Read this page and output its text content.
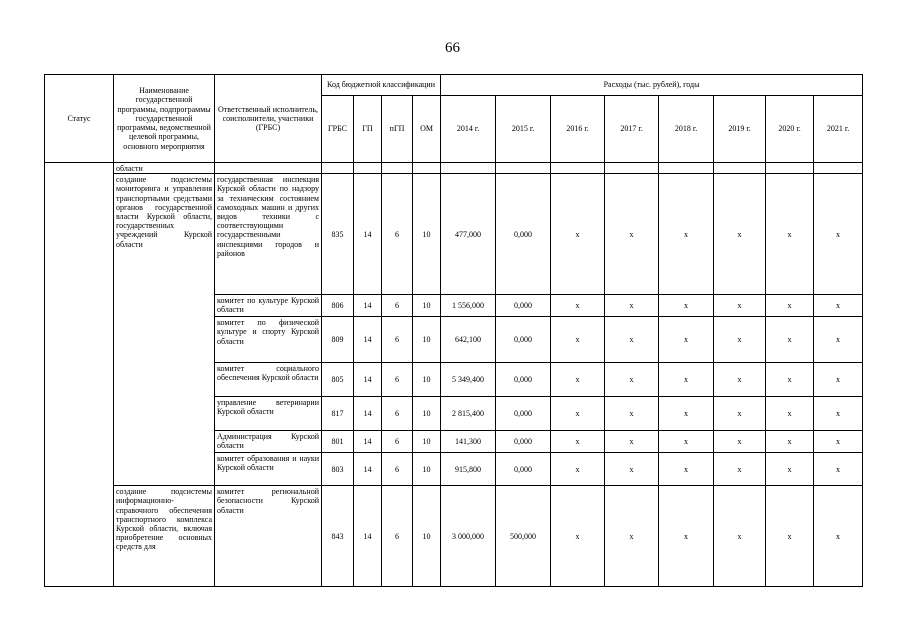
66
Статус	Наименование государственной программы, подпрограммы государственной программы, ведомственной целевой программы, основного мероприятия	Ответственный исполнитель, соисполнители, участники (ГРБС)	Код бюджетной классификации				Расходы (тыс. рублей), годы							
			ГРБС	ГП	пГП	ОМ	2014 г.	2015 г.	2016 г.	2017 г.	2018 г.	2019 г.	2020 г.	2021 г.
	области													
	создание подсистемы мониторинга и управления транспортными средствами органов государственной власти Курской области, государственных учреждений Курской области	государственная инспекция Курской области по надзору за техническим состоянием самоходных машин и других видов техники с соответствующими государственными инспекциями городов и районов	835	14	6	10	477,000	0,000	х	х	х	х	х	х
		комитет по культуре Курской области	806	14	6	10	1 556,000	0,000	х	х	х	х	х	х
		комитет по физической культуре и спорту Курской области	809	14	6	10	642,100	0,000	х	х	х	х	х	х
		комитет социального обеспечения Курской области	805	14	6	10	5 349,400	0,000	х	х	х	х	х	х
		управление ветеринарии Курской области	817	14	6	10	2 815,400	0,000	х	х	х	х	х	х
		Администрация Курской области	801	14	6	10	141,300	0,000	х	х	х	х	х	х
		комитет образования и науки Курской области	803	14	6	10	915,800	0,000	х	х	х	х	х	х
	создание подсистемы информационно-справочного обеспечения транспортного комплекса Курской области, включая приобретение основных средств для	комитет региональной безопасности Курской области	843	14	6	10	3 000,000	500,000	х	х	х	х	х	х
